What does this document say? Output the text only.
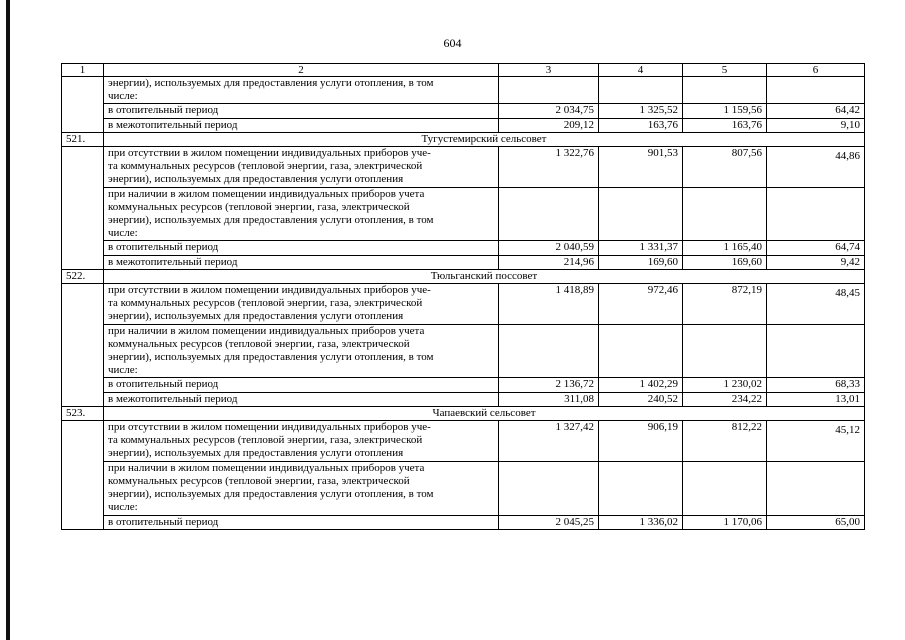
604
1	2	3	4	5	6

	энергии), используемых для предоставления услуги отопления, в том
числе:				

	в отопительный период	2 034,75	1 325,52	1 159,56	64,42
	в межотопительный период	209,12	163,76	163,76	9,10
521.	Тугустемирский сельсовет				

	при отсутствии в жилом помещении индивидуальных приборов уче-
та коммунальных ресурсов (тепловой энергии, газа, электрической
энергии), используемых для предоставления услуги отопления	1 322,76	901,53	807,56	44,86

	при наличии в жилом помещении индивидуальных приборов учета
коммунальных ресурсов (тепловой энергии, газа, электрической
энергии), используемых для предоставления услуги отопления, в том
числе:				

	в отопительный период	2 040,59	1 331,37	1 165,40	64,74
	в межотопительный период	214,96	169,60	169,60	9,42
522.	Тюльганский поссовет				

	при отсутствии в жилом помещении индивидуальных приборов уче-
та коммунальных ресурсов (тепловой энергии, газа, электрической
энергии), используемых для предоставления услуги отопления	1 418,89	972,46	872,19	48,45

	при наличии в жилом помещении индивидуальных приборов учета
коммунальных ресурсов (тепловой энергии, газа, электрической
энергии), используемых для предоставления услуги отопления, в том
числе:				

	в отопительный период	2 136,72	1 402,29	1 230,02	68,33
	в межотопительный период	311,08	240,52	234,22	13,01
523.	Чапаевский сельсовет				

	при отсутствии в жилом помещении индивидуальных приборов уче-
та коммунальных ресурсов (тепловой энергии, газа, электрической
энергии), используемых для предоставления услуги отопления	1 327,42	906,19	812,22	45,12

	при наличии в жилом помещении индивидуальных приборов учета
коммунальных ресурсов (тепловой энергии, газа, электрической
энергии), используемых для предоставления услуги отопления, в том
числе:				

	в отопительный период	2 045,25	1 336,02	1 170,06	65,00
